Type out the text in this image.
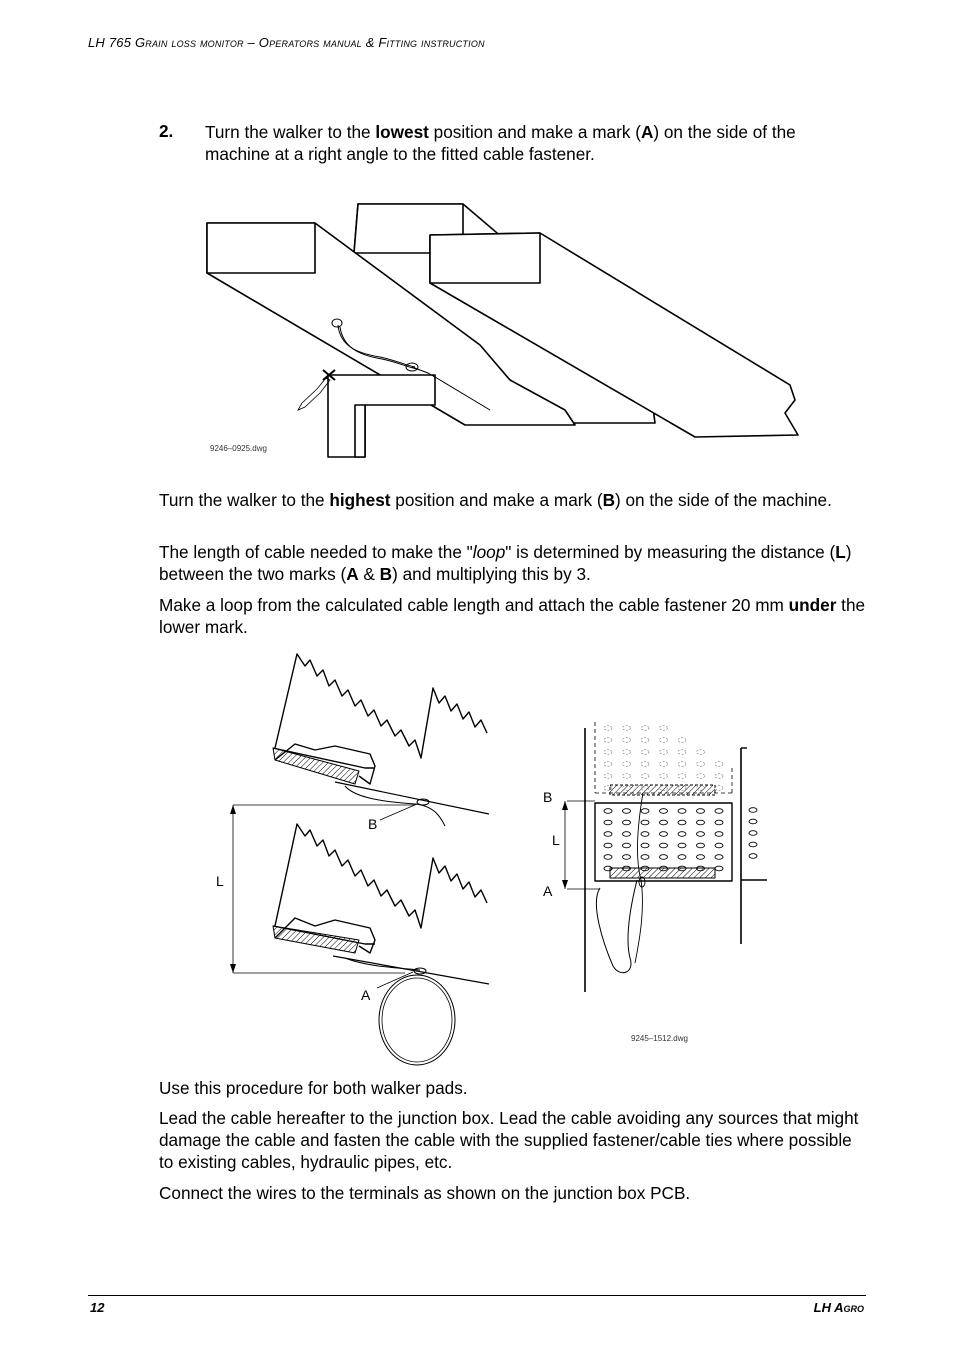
LH 765 Grain loss monitor – Operators manual & Fitting instruction
2. Turn the walker to the lowest position and make a mark (A) on the side of the machine at a right angle to the fitted cable fastener.
9246–0925.dwg
Turn the walker to the highest position and make a mark (B) on the side of the machine.
The length of cable needed to make the "loop" is determined by measuring the distance (L) between the two marks (A & B) and multiplying this by 3.
Make a loop from the calculated cable length and attach the cable fastener 20 mm under the lower mark.
B
L
A
B
L
A
9245–1512.dwg
Use this procedure for both walker pads.
Lead the cable hereafter to the junction box. Lead the cable avoiding any sources that might damage the cable and fasten the cable with the supplied fastener/cable ties where possible to existing cables, hydraulic pipes, etc.
Connect the wires to the terminals as shown on the junction box PCB.
12	LH Agro
